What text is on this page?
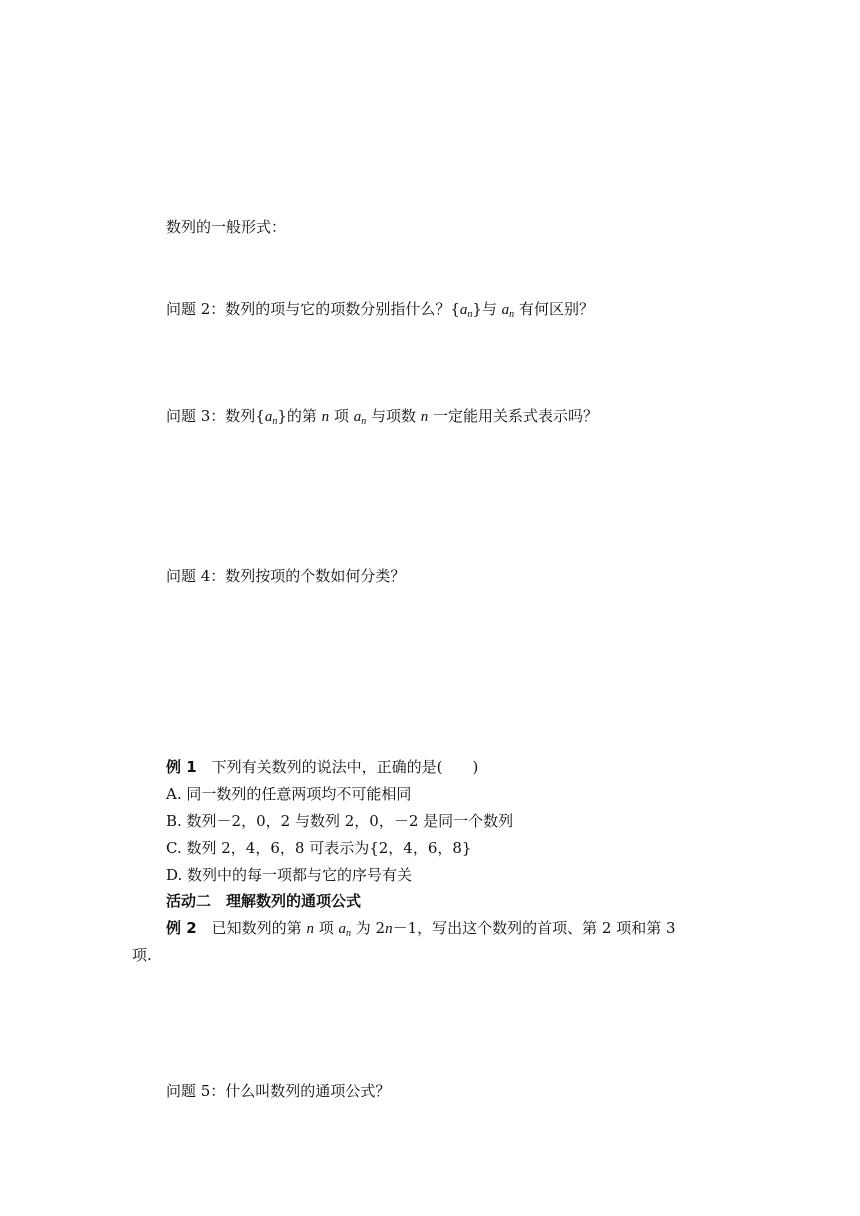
数列的一般形式：
问题 2：数列的项与它的项数分别指什么？$\{a_n\}$与 $a_n$ 有何区别？
问题 3：数列$\{a_n\}$的第 n 项 $a_n$ 与项数 n 一定能用关系式表示吗？
问题 4：数列按项的个数如何分类？
例 1　下列有关数列的说法中，正确的是(　　)
A. 同一数列的任意两项均不可能相同
B. 数列－2，0，2 与数列 2，0，－2 是同一个数列
C. 数列 2，4，6，8 可表示为{2，4，6，8}
D. 数列中的每一项都与它的序号有关
活动二　理解数列的通项公式
例 2　已知数列的第 n 项 $a_n$ 为 2n－1，写出这个数列的首项、第 2 项和第 3
项.
问题 5：什么叫数列的通项公式？
